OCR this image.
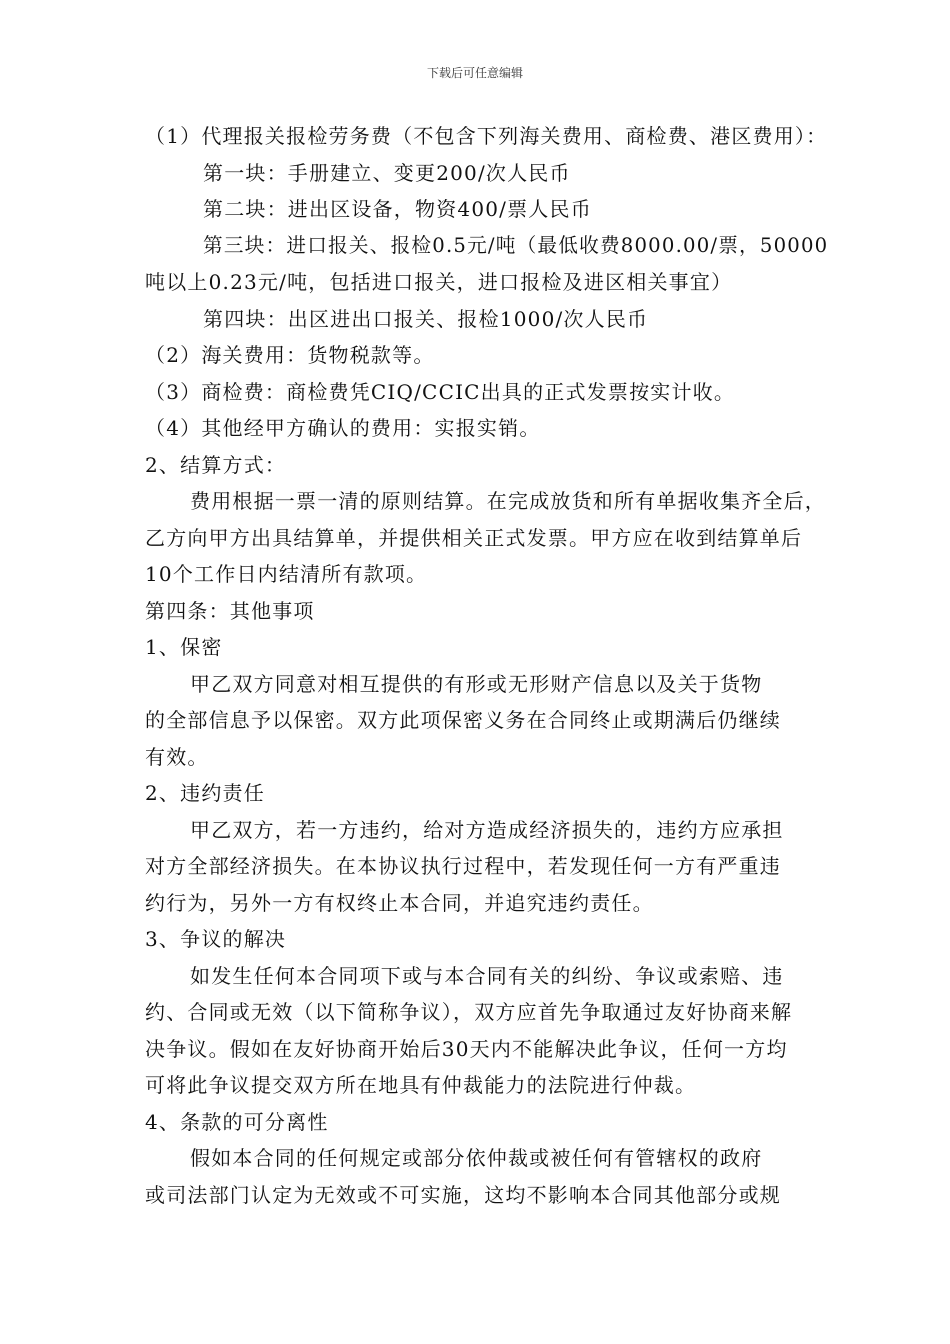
下载后可任意编辑
（1）代理报关报检劳务费（不包含下列海关费用、商检费、港区费用）：
第一块：手册建立、变更200/次人民币
第二块：进出区设备，物资400/票人民币
第三块：进口报关、报检0.5元/吨（最低收费8000.00/票，50000
吨以上0.23元/吨，包括进口报关，进口报检及进区相关事宜）
第四块：出区进出口报关、报检1000/次人民币
（2）海关费用：货物税款等。
（3）商检费：商检费凭CIQ/CCIC出具的正式发票按实计收。
（4）其他经甲方确认的费用：实报实销。
2、结算方式：
费用根据一票一清的原则结算。在完成放货和所有单据收集齐全后，
乙方向甲方出具结算单，并提供相关正式发票。甲方应在收到结算单后
10个工作日内结清所有款项。
第四条：其他事项
1、保密
甲乙双方同意对相互提供的有形或无形财产信息以及关于货物
的全部信息予以保密。双方此项保密义务在合同终止或期满后仍继续
有效。
2、违约责任
甲乙双方，若一方违约，给对方造成经济损失的，违约方应承担
对方全部经济损失。在本协议执行过程中，若发现任何一方有严重违
约行为，另外一方有权终止本合同，并追究违约责任。
3、争议的解决
如发生任何本合同项下或与本合同有关的纠纷、争议或索赔、违
约、合同或无效（以下简称争议），双方应首先争取通过友好协商来解
决争议。假如在友好协商开始后30天内不能解决此争议，任何一方均
可将此争议提交双方所在地具有仲裁能力的法院进行仲裁。
4、条款的可分离性
假如本合同的任何规定或部分依仲裁或被任何有管辖权的政府
或司法部门认定为无效或不可实施，这均不影响本合同其他部分或规
